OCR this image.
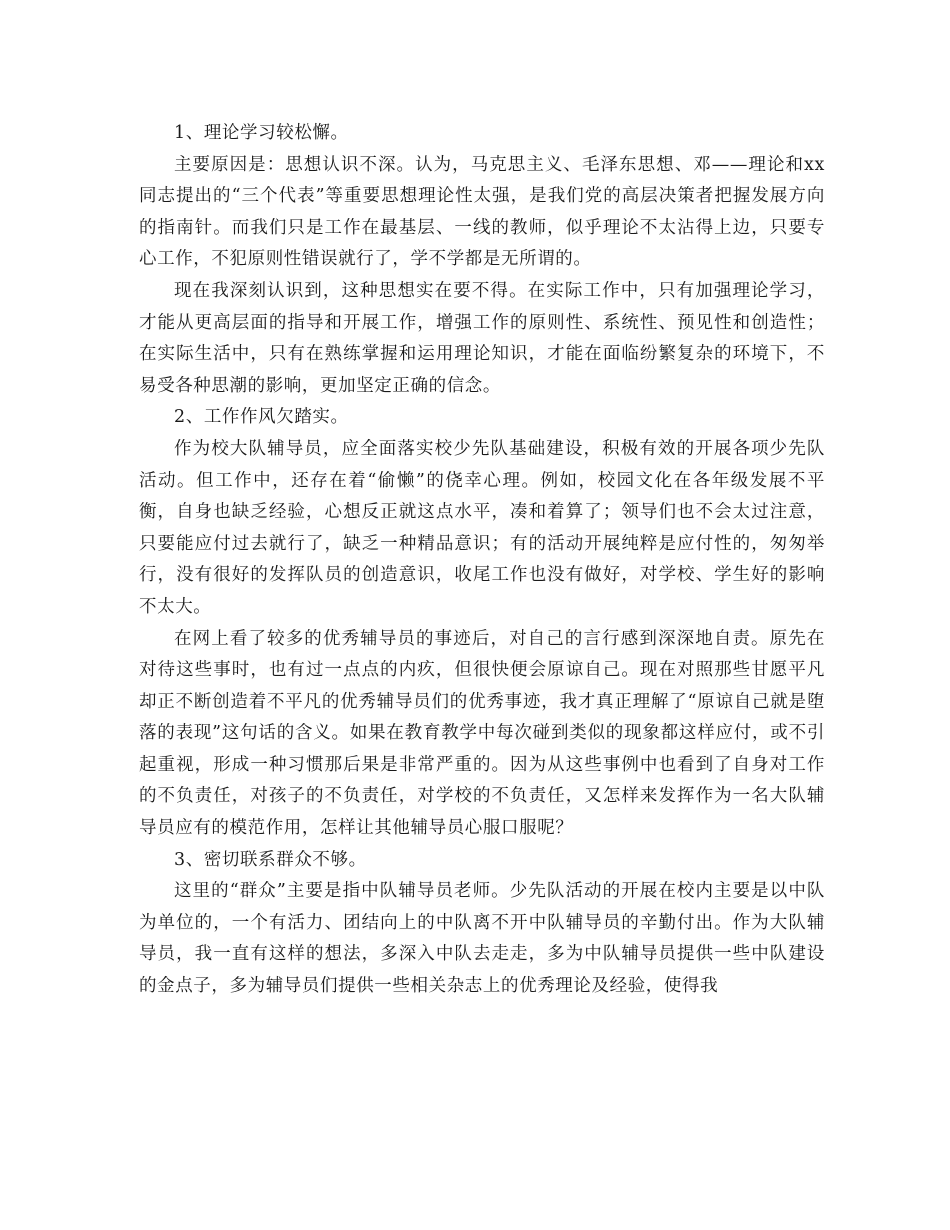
1、理论学习较松懈。

主要原因是：思想认识不深。认为，马克思主义、毛泽东思想、邓——理论和xx同志提出的“三个代表”等重要思想理论性太强，是我们党的高层决策者把握发展方向的指南针。而我们只是工作在最基层、一线的教师，似乎理论不太沾得上边，只要专心工作，不犯原则性错误就行了，学不学都是无所谓的。

现在我深刻认识到，这种思想实在要不得。在实际工作中，只有加强理论学习，才能从更高层面的指导和开展工作，增强工作的原则性、系统性、预见性和创造性；在实际生活中，只有在熟练掌握和运用理论知识，才能在面临纷繁复杂的环境下，不易受各种思潮的影响，更加坚定正确的信念。

2、工作作风欠踏实。

作为校大队辅导员，应全面落实校少先队基础建设，积极有效的开展各项少先队活动。但工作中，还存在着“偷懒”的侥幸心理。例如，校园文化在各年级发展不平衡，自身也缺乏经验，心想反正就这点水平，凑和着算了；领导们也不会太过注意，只要能应付过去就行了，缺乏一种精品意识；有的活动开展纯粹是应付性的，匆匆举行，没有很好的发挥队员的创造意识，收尾工作也没有做好，对学校、学生好的影响不太大。

在网上看了较多的优秀辅导员的事迹后，对自己的言行感到深深地自责。原先在对待这些事时，也有过一点点的内疚，但很快便会原谅自己。现在对照那些甘愿平凡却正不断创造着不平凡的优秀辅导员们的优秀事迹，我才真正理解了“原谅自己就是堕落的表现”这句话的含义。如果在教育教学中每次碰到类似的现象都这样应付，或不引起重视，形成一种习惯那后果是非常严重的。因为从这些事例中也看到了自身对工作的不负责任，对孩子的不负责任，对学校的不负责任，又怎样来发挥作为一名大队辅导员应有的模范作用，怎样让其他辅导员心服口服呢？

3、密切联系群众不够。

这里的“群众”主要是指中队辅导员老师。少先队活动的开展在校内主要是以中队为单位的，一个有活力、团结向上的中队离不开中队辅导员的辛勤付出。作为大队辅导员，我一直有这样的想法，多深入中队去走走，多为中队辅导员提供一些中队建设的金点子，多为辅导员们提供一些相关杂志上的优秀理论及经验，使得我
